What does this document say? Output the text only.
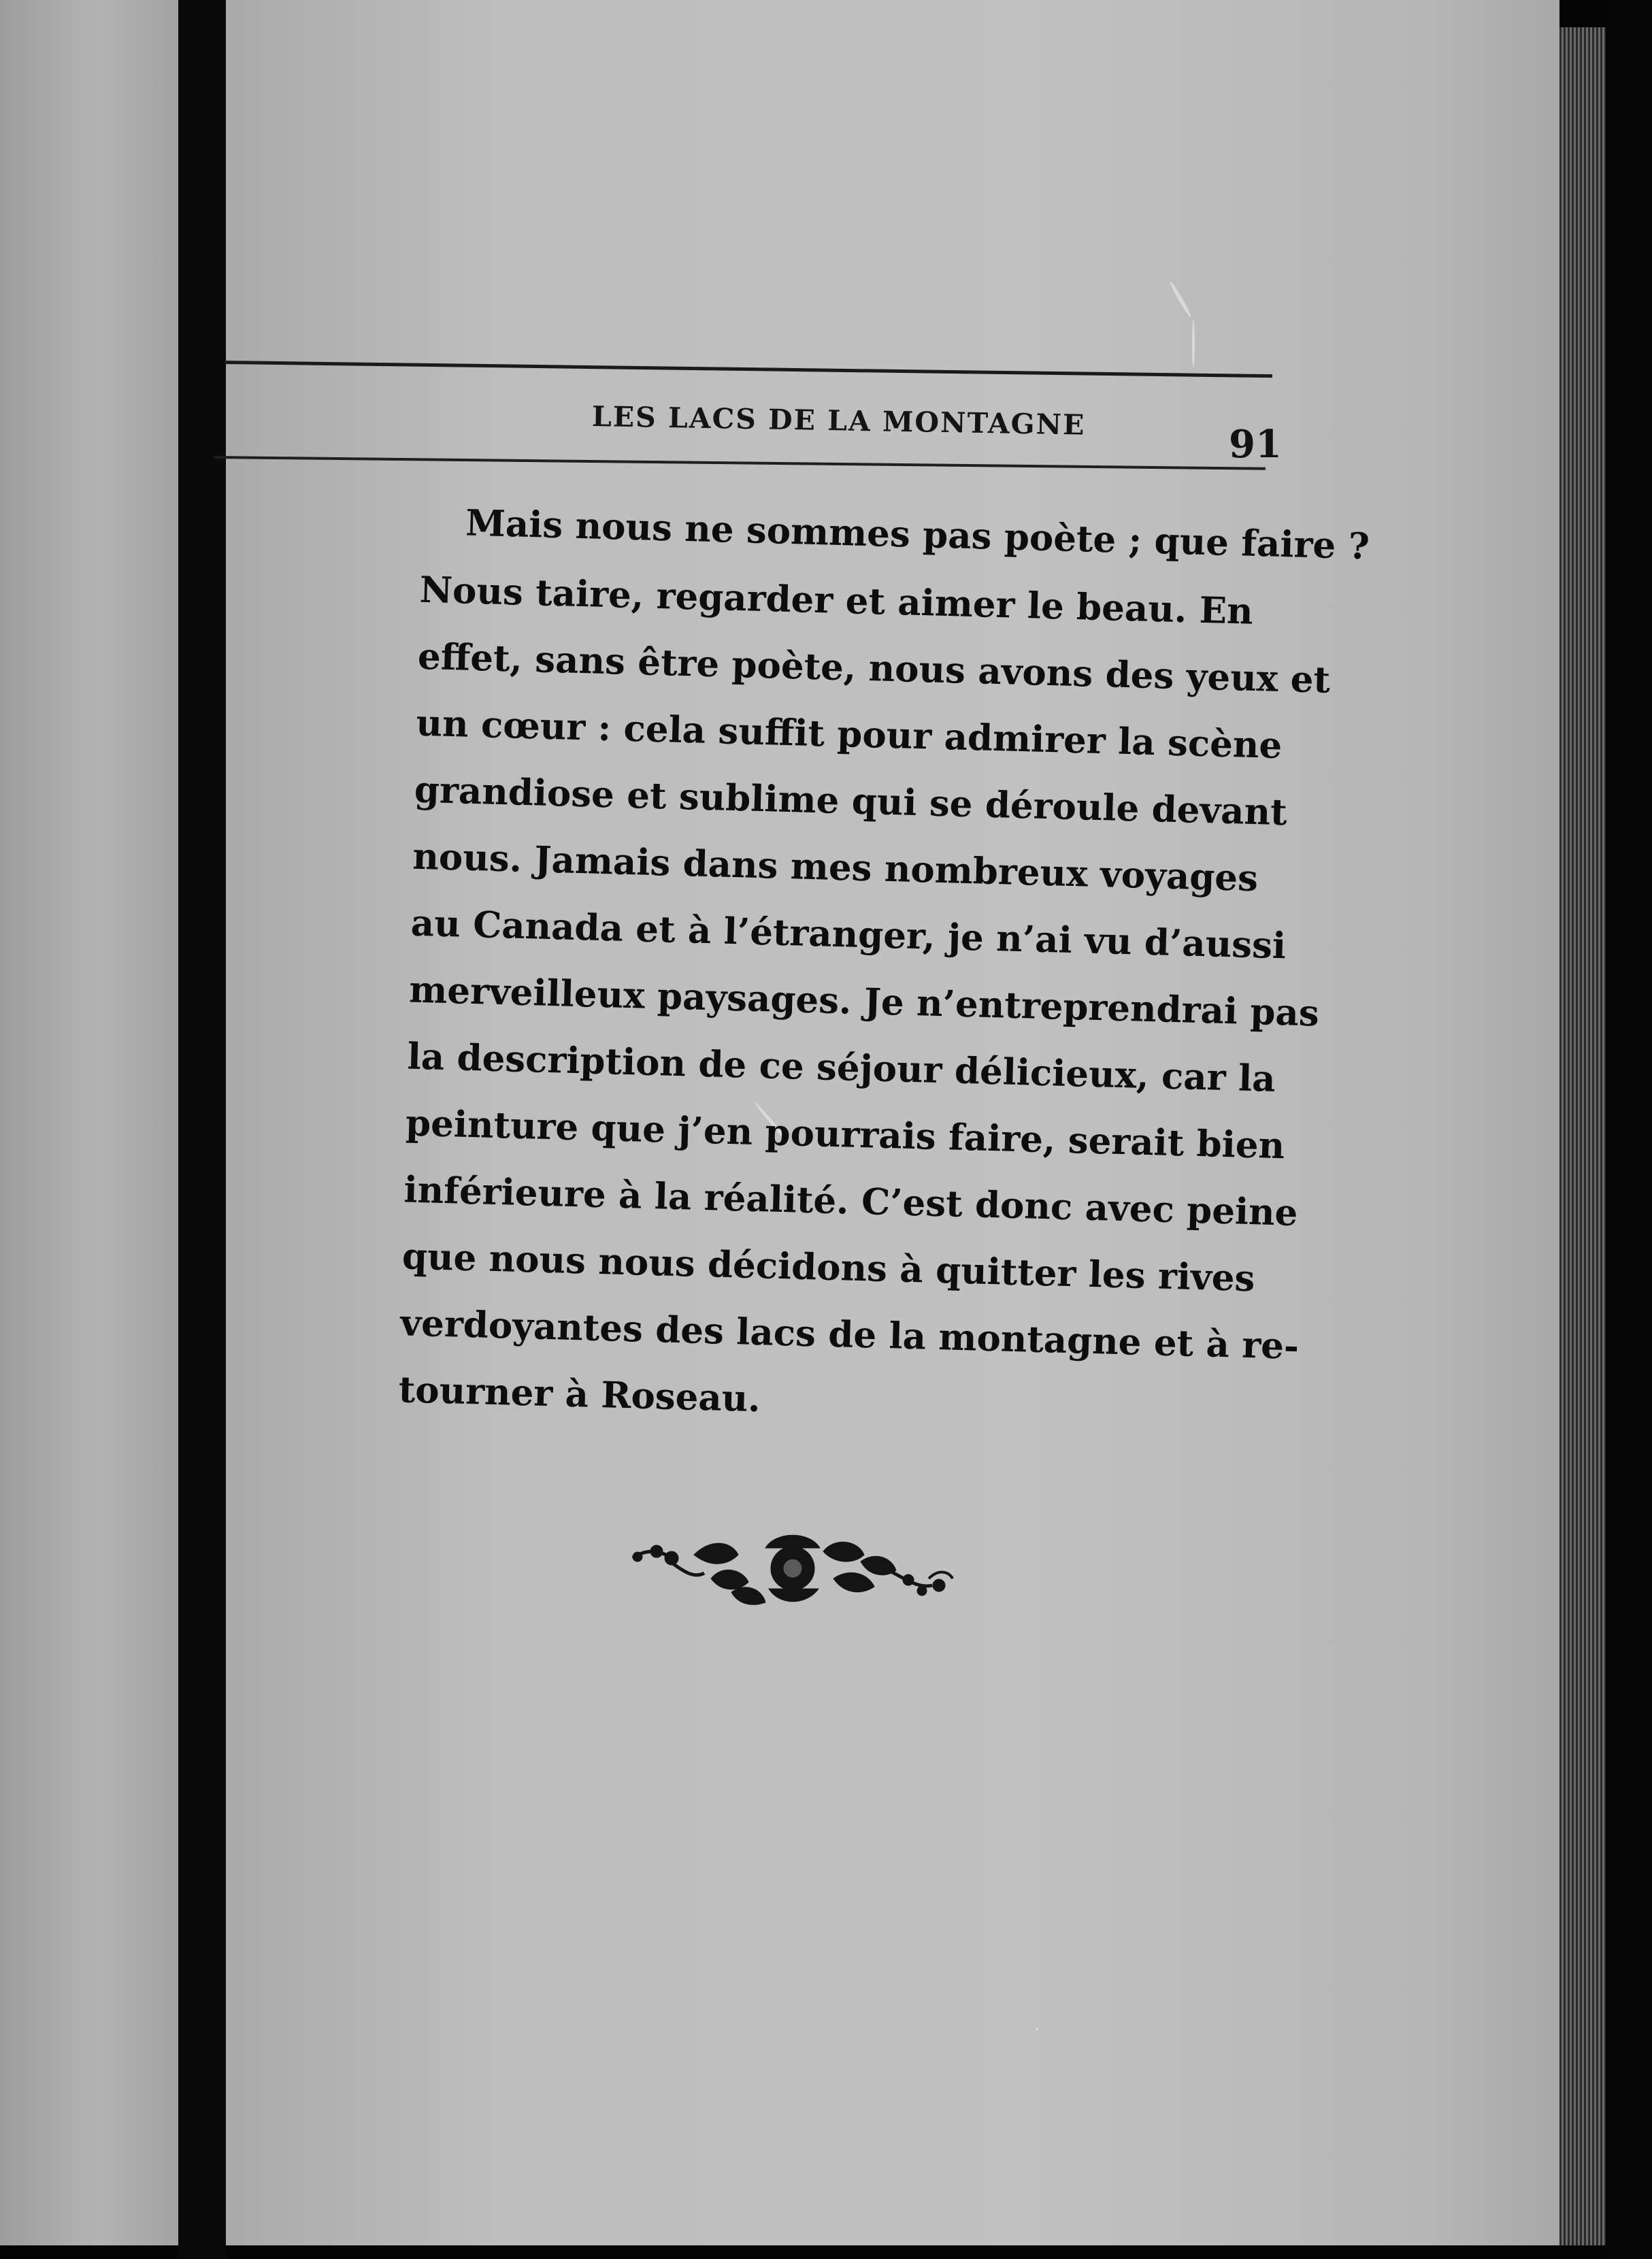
LES LACS DE LA MONTAGNE
91
Mais nous ne sommes pas poète ; que faire ?
Nous taire, regarder et aimer le beau. En
effet, sans être poète, nous avons des yeux et
un cœur : cela suffit pour admirer la scène
grandiose et sublime qui se déroule devant
nous. Jamais dans mes nombreux voyages
au Canada et à l’étranger, je n’ai vu d’aussi
merveilleux paysages. Je n’entreprendrai pas
la description de ce séjour délicieux, car la
peinture que j’en pourrais faire, serait bien
inférieure à la réalité. C’est donc avec peine
que nous nous décidons à quitter les rives
verdoyantes des lacs de la montagne et à re-
tourner à Roseau.
